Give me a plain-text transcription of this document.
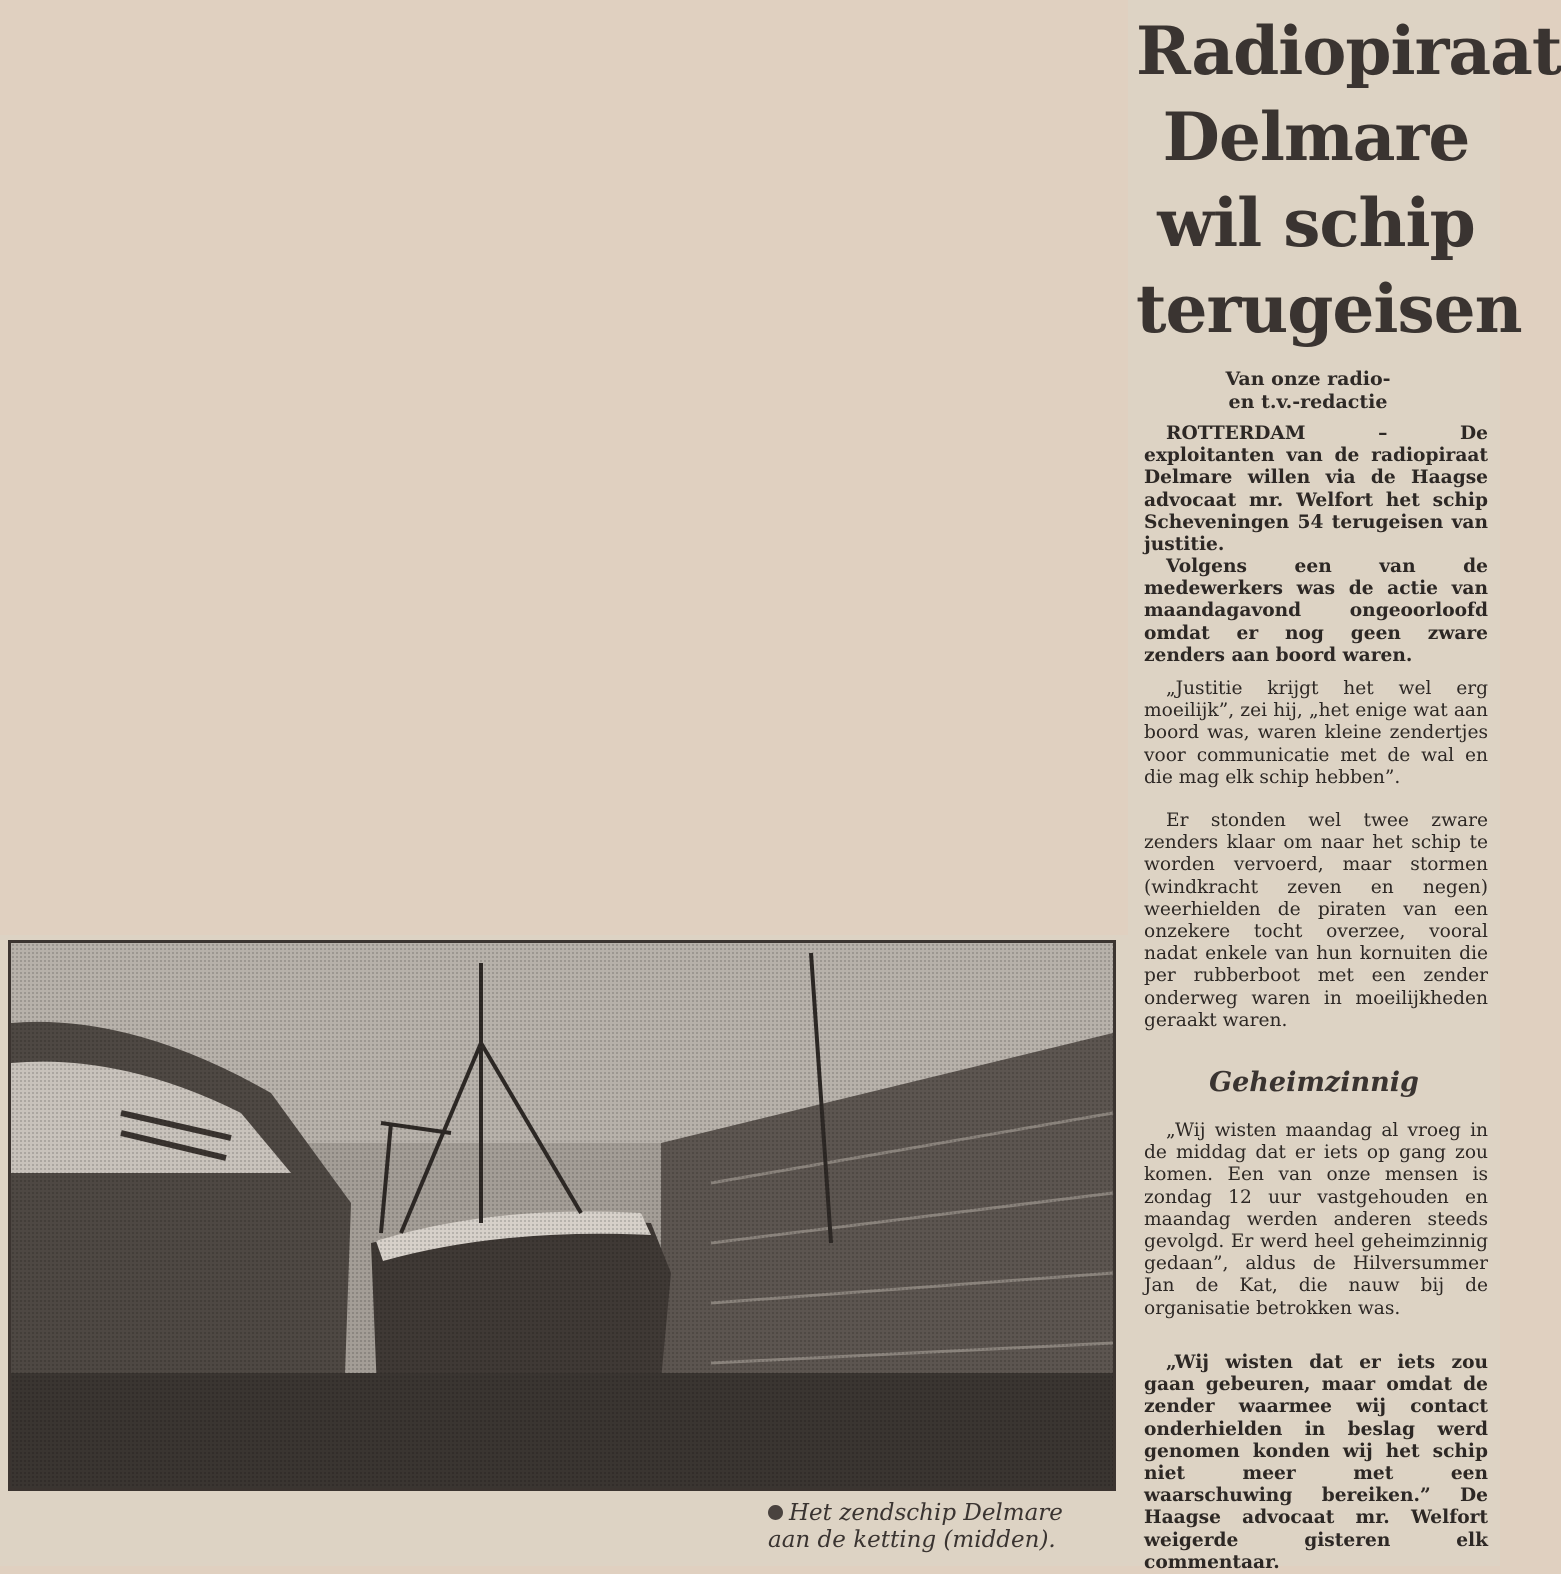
Radiopiraat
Delmare
wil schip
terugeisen
Van onze radio-
en t.v.-redactie
ROTTERDAM – De exploitanten van de radiopiraat Delmare willen via de Haagse advocaat mr. Welfort het schip Scheveningen 54 terugeisen van justitie.
Volgens een van de medewerkers was de actie van maandagavond ongeoorloofd omdat er nog geen zware zenders aan boord waren.
„Justitie krijgt het wel erg moeilijk”, zei hij, „het enige wat aan boord was, waren kleine zendertjes voor communicatie met de wal en die mag elk schip hebben”.
Er stonden wel twee zware zenders klaar om naar het schip te worden vervoerd, maar stormen (windkracht zeven en negen) weerhielden de piraten van een onzekere tocht overzee, vooral nadat enkele van hun kornuiten die per rubberboot met een zender onderweg waren in moeilijkheden geraakt waren.
Geheimzinnig
„Wij wisten maandag al vroeg in de middag dat er iets op gang zou komen. Een van onze mensen is zondag 12 uur vastgehouden en maandag werden anderen steeds gevolgd. Er werd heel geheimzinnig gedaan”, aldus de Hilversummer Jan de Kat, die nauw bij de organisatie betrokken was.
„Wij wisten dat er iets zou gaan gebeuren, maar omdat de zender waarmee wij contact onderhielden in beslag werd genomen konden wij het schip niet meer met een waarschuwing bereiken.” De Haagse advocaat mr. Welfort weigerde gisteren elk commentaar.
Het zendschip Delmare
aan de ketting (midden).
